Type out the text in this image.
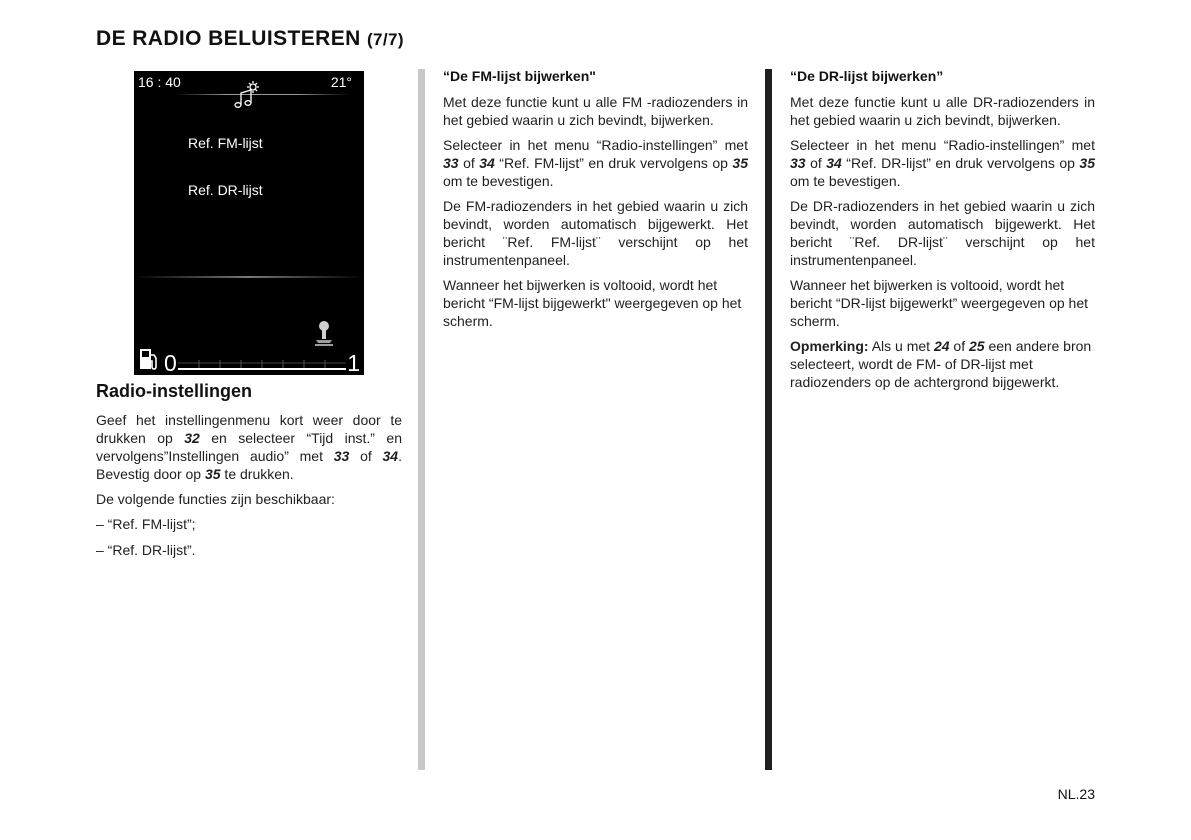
DE RADIO BELUISTEREN (7/7)
16 : 40	21°
Ref. FM-lijst
Ref. DR-lijst
0	1
Radio-instellingen

Geef het instellingenmenu kort weer door te drukken op 32 en selecteer “Tijd inst.” en vervolgens”Instellingen audio” met 33 of 34. Bevestig door op 35 te drukken.

De volgende functies zijn beschikbaar:

– “Ref. FM-lijst”;

– “Ref. DR-lijst”.

“De FM-lijst bijwerken"

Met deze functie kunt u alle FM -radiozenders in het gebied waarin u zich bevindt, bijwerken.

Selecteer in het menu “Radio-instellingen” met 33 of 34 “Ref. FM-lijst” en druk vervolgens op 35 om te bevestigen.

De FM-radiozenders in het gebied waarin u zich bevindt, worden automatisch bijgewerkt. Het bericht ¨Ref. FM-lijst¨ verschijnt op het instrumentenpaneel.

Wanneer het bijwerken is voltooid, wordt het bericht “FM-lijst bijgewerkt" weergegeven op het scherm.

“De DR-lijst bijwerken”

Met deze functie kunt u alle DR-radiozenders in het gebied waarin u zich bevindt, bijwerken.

Selecteer in het menu “Radio-instellingen” met 33 of 34 “Ref. DR-lijst” en druk vervolgens op 35 om te bevestigen.

De DR-radiozenders in het gebied waarin u zich bevindt, worden automatisch bijgewerkt. Het bericht ¨Ref. DR-lijst¨ verschijnt op het instrumentenpaneel.

Wanneer het bijwerken is voltooid, wordt het bericht “DR-lijst bijgewerkt” weergegeven op het scherm.

Opmerking: Als u met 24 of 25 een andere bron selecteert, wordt de FM- of DR-lijst met radiozenders op de achtergrond bijgewerkt.

NL.23
